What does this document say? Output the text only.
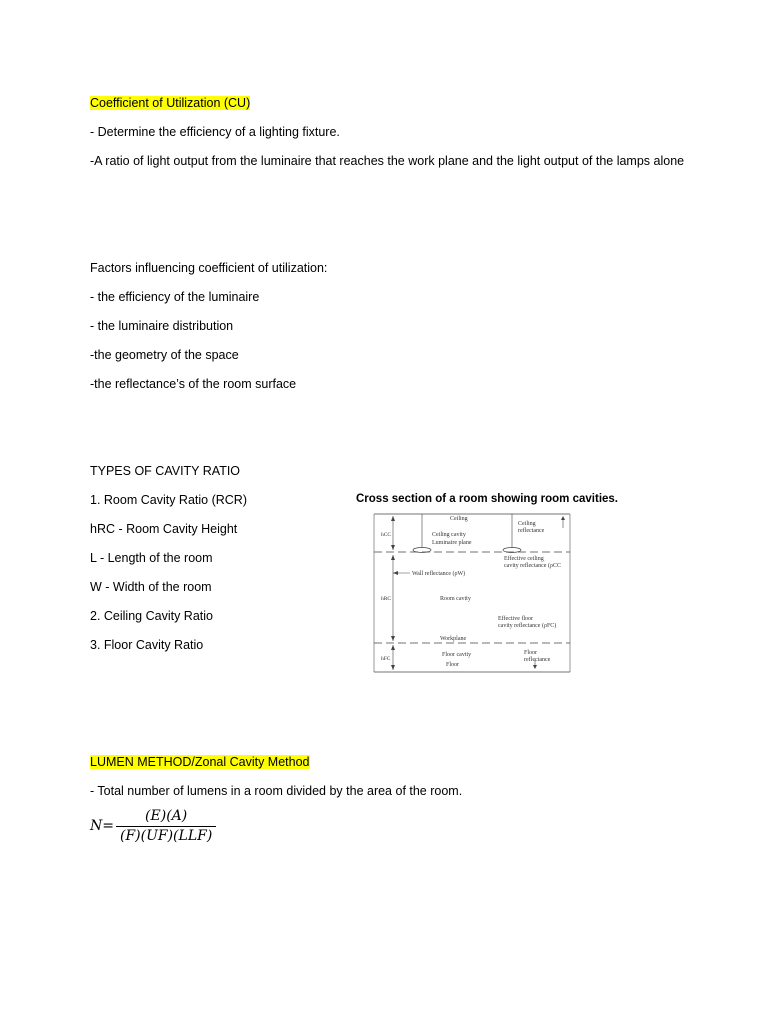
Coefficient of Utilization (CU)
- Determine the efficiency of a lighting fixture.
-A ratio of light output from the luminaire that reaches the work plane and the light output of the lamps alone
Factors influencing coefficient of utilization:
- the efficiency of the luminaire
- the luminaire distribution
-the geometry of the space
-the reflectance’s of the room surface
TYPES OF CAVITY RATIO
1. Room Cavity Ratio (RCR)
hRC - Room Cavity Height
L - Length of the room
W - Width of the room
2. Ceiling Cavity Ratio
3. Floor Cavity Ratio
Cross section of a room showing room cavities.
Ceiling
Ceiling
reflectance
Ceiling cavity
Luminaire plane
Effective ceiling
cavity reflectance (ρCC
Wall reflectance (ρW)
Room cavity
Effective floor
cavity reflectance (ρFC)
Workplane
Floor cavity	Floor
reflectance
Floor
hCC
hRC
hFC
LUMEN METHOD/Zonal Cavity Method
- Total number of lumens in a room divided by the area of the room.
$N= \frac{(E)(A)}{\text{(F)(UF)(LLF)}}$
